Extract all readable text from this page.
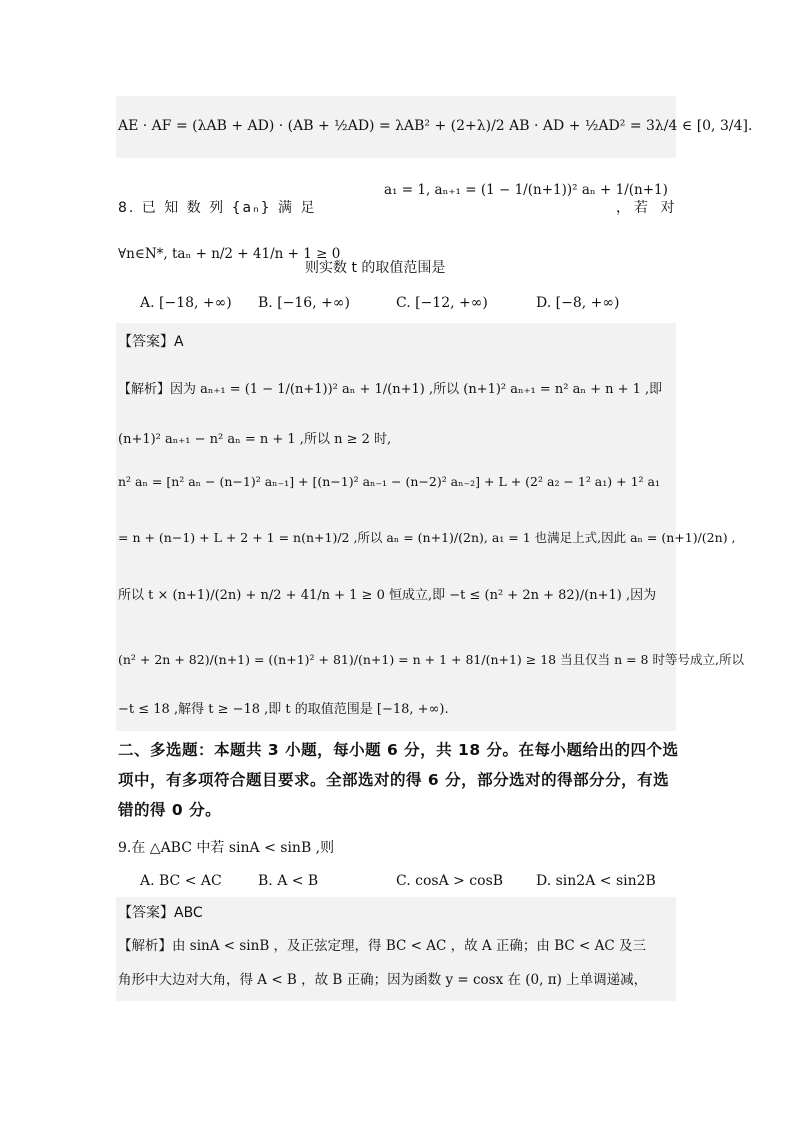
AE · AF = (λAB + AD) · (AB + ½AD) = λAB² + (2+λ)/2 AB · AD + ½AD² = 3λ/4 ∈ [0, 3/4].
8. 已 知 数 列 {aₙ} 满 足
a₁ = 1, aₙ₊₁ = (1 − 1/(n+1))² aₙ + 1/(n+1)
，若 对
∀n∈N*, taₙ + n/2 + 41/n + 1 ≥ 0
则实数 t 的取值范围是
A. [−18, +∞) B. [−16, +∞)	C. [−12, +∞)	D. [−8, +∞)
【答案】A
【解析】因为 aₙ₊₁ = (1 − 1/(n+1))² aₙ + 1/(n+1) ,所以 (n+1)² aₙ₊₁ = n² aₙ + n + 1 ,即
(n+1)² aₙ₊₁ − n² aₙ = n + 1 ,所以 n ≥ 2 时,
n² aₙ = [n² aₙ − (n−1)² aₙ₋₁] + [(n−1)² aₙ₋₁ − (n−2)² aₙ₋₂] + L + (2² a₂ − 1² a₁) + 1² a₁
= n + (n−1) + L + 2 + 1 = n(n+1)/2 ,所以 aₙ = (n+1)/(2n), a₁ = 1 也满足上式,因此 aₙ = (n+1)/(2n) ,
所以 t × (n+1)/(2n) + n/2 + 41/n + 1 ≥ 0 恒成立,即 −t ≤ (n² + 2n + 82)/(n+1) ,因为
(n² + 2n + 82)/(n+1) = ((n+1)² + 81)/(n+1) = n + 1 + 81/(n+1) ≥ 18 当且仅当 n = 8 时等号成立,所以
−t ≤ 18 ,解得 t ≥ −18 ,即 t 的取值范围是 [−18, +∞).
二、多选题：本题共 3 小题，每小题 6 分，共 18 分。在每小题给出的四个选
项中，有多项符合题目要求。全部选对的得 6 分，部分选对的得部分分，有选
错的得 0 分。
9.在 △ABC 中若 sinA < sinB ,则
A. BC < AC	B. A < B	C. cosA > cosB D. sin2A < sin2B
【答案】ABC
【解析】由 sinA < sinB ，及正弦定理，得 BC < AC ，故 A 正确；由 BC < AC 及三
角形中大边对大角，得 A < B ，故 B 正确；因为函数 y = cosx 在 (0, π) 上单调递减，
